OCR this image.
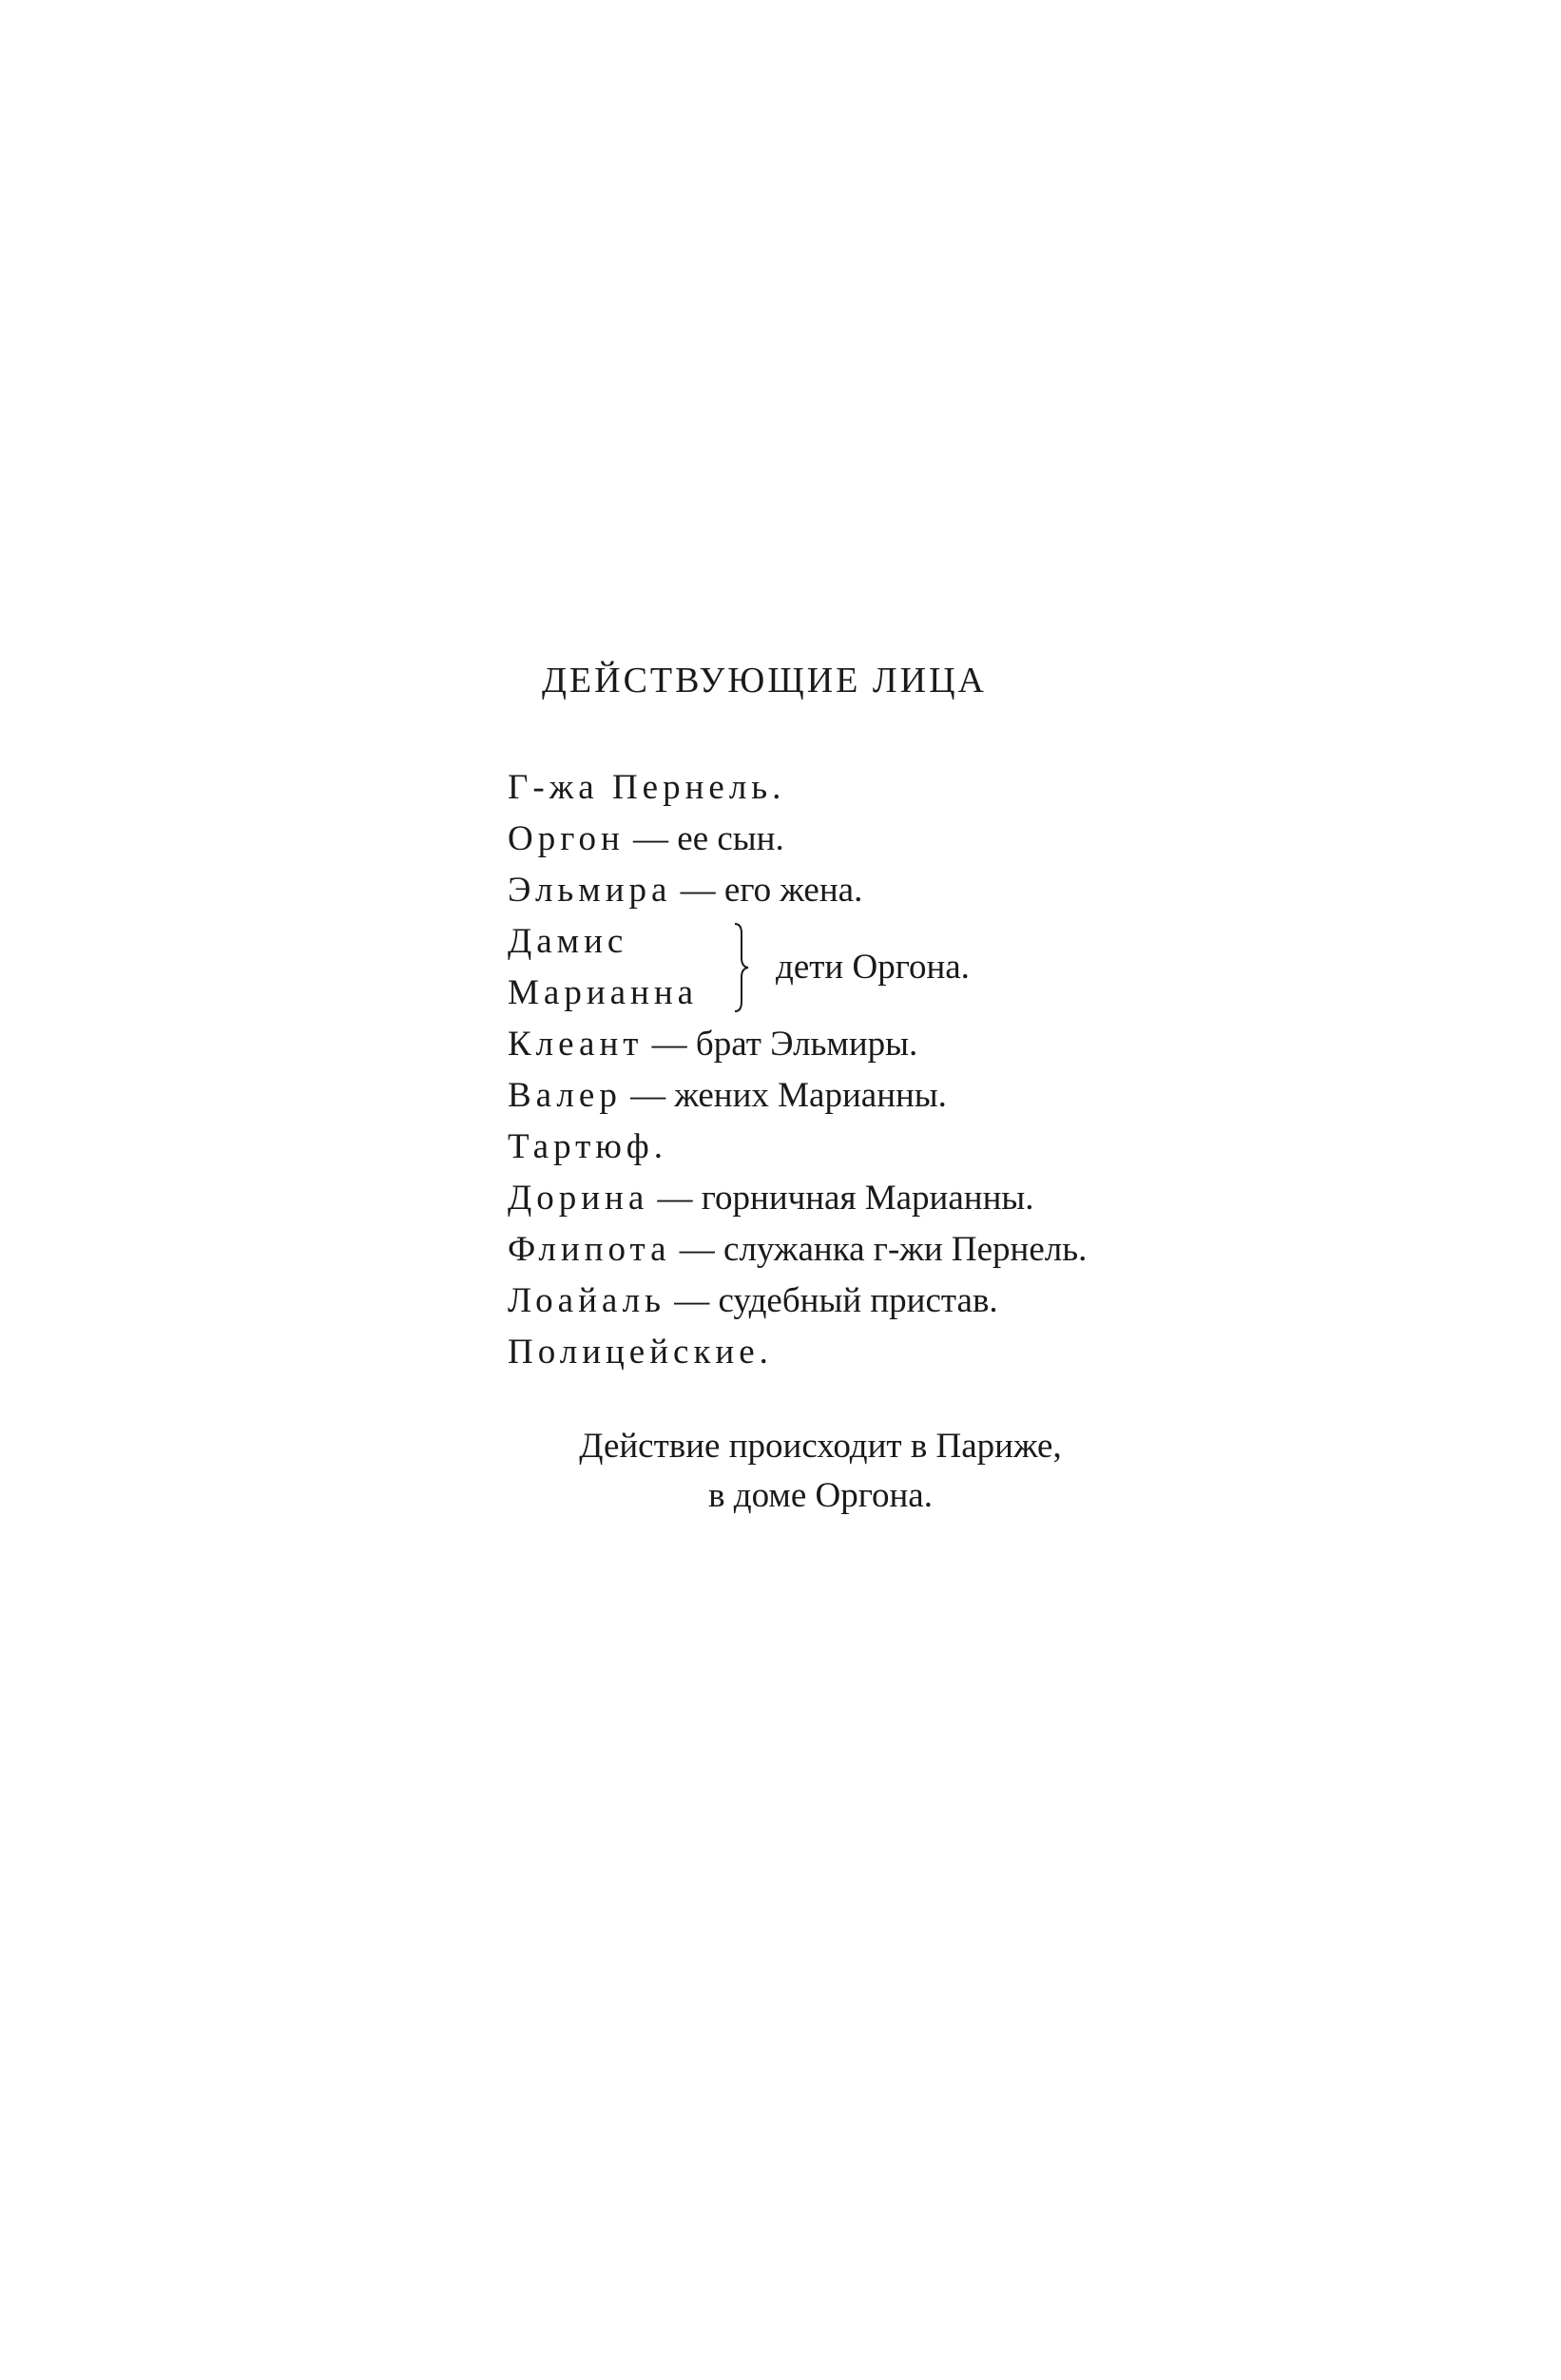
ДЕЙСТВУЮЩИЕ ЛИЦА
Г-жа Пернель.
Оргон — ее сын.
Эльмира — его жена.
Дамис
Марианна
дети Оргона.
Клеант — брат Эльмиры.
Валер — жених Марианны.
Тартюф.
Дорина — горничная Марианны.
Флипота — служанка г-жи Пернель.
Лоайаль — судебный пристав.
Полицейские.
Действие происходит в Париже,
в доме Оргона.
